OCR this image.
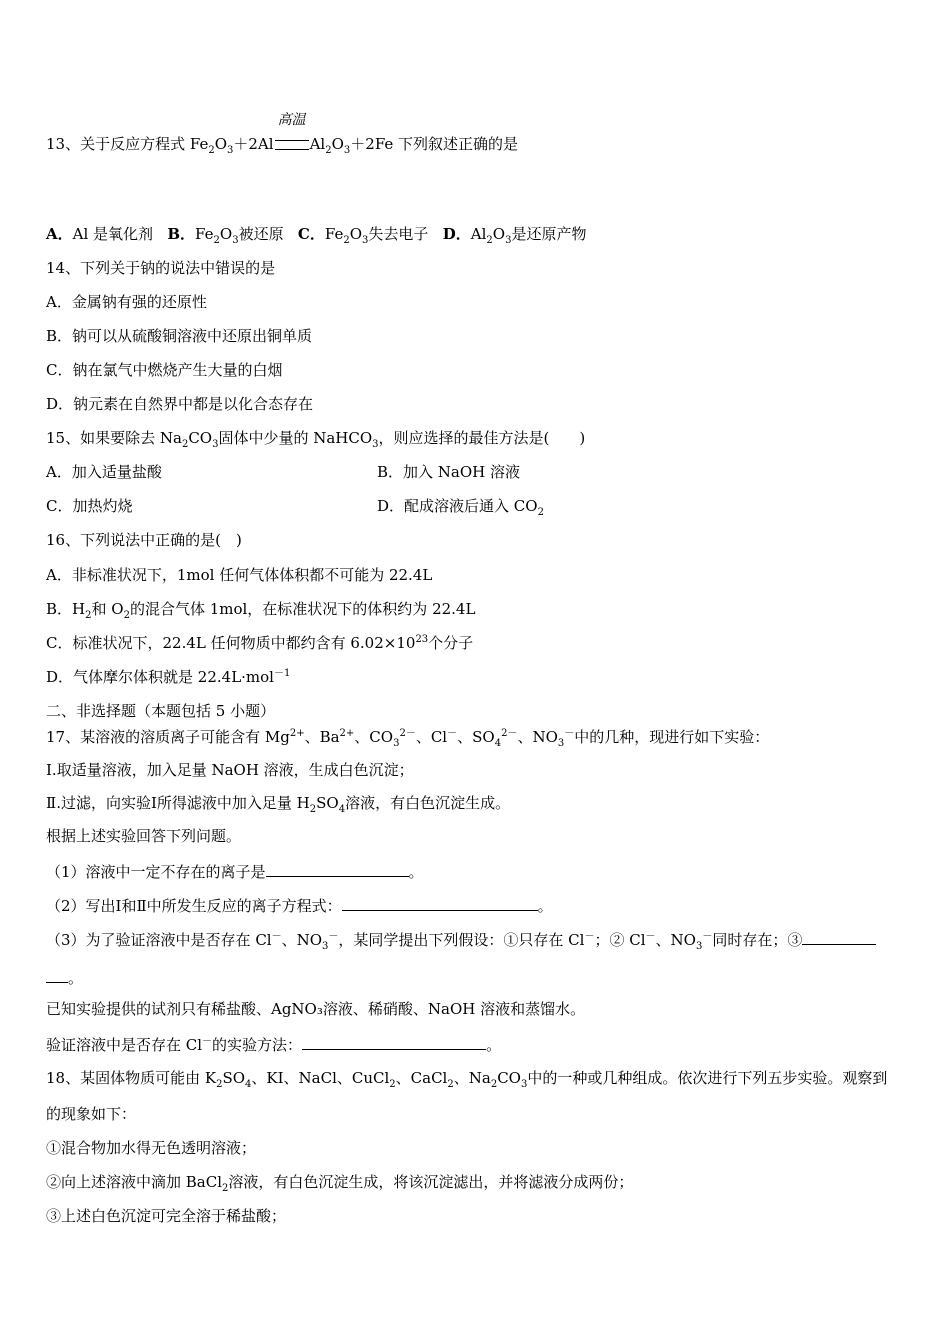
13、关于反应方程式 $Fe_2O_3+2Al$
高温
$Al_2O_3+2Fe$ 下列叙述正确的是
A．Al 是氧化剂 B．$Fe_2O_3$被还原 C．$Fe_2O_3$失去电子 D．$Al_2O_3$是还原产物
14、下列关于钠的说法中错误的是
A．金属钠有强的还原性
B．钠可以从硫酸铜溶液中还原出铜单质
C．钠在氯气中燃烧产生大量的白烟
D．钠元素在自然界中都是以化合态存在
15、如果要除去 $Na_2CO_3$固体中少量的 NaHCO$_3$，则应选择的最佳方法是(　　)
A．加入适量盐酸	B．加入 NaOH 溶液
C．加热灼烧	D．配成溶液后通入 $CO_2$
16、下列说法中正确的是(　)
A．非标准状况下，1mol 任何气体体积都不可能为 22.4L
B．$H_2$和 $O_2$的混合气体 1mol，在标准状况下的体积约为 22.4L
C．标准状况下，22.4L 任何物质中都约含有 $6.02\times 10^{23}$个分子
D．气体摩尔体积就是 22.4L·mol$^{-1}$
二、非选择题（本题包括 5 小题）
17、某溶液的溶质离子可能含有 $Mg^{2+}$、$Ba^{2+}$、$CO_3^{2-}$、Cl－、$SO_4^{2-}$、$NO_3^-$中的几种，现进行如下实验：
Ⅰ.取适量溶液，加入足量 NaOH 溶液，生成白色沉淀；
Ⅱ.过滤，向实验Ⅰ所得滤液中加入足量 $H_2SO_4$溶液，有白色沉淀生成。
根据上述实验回答下列问题。
（1）溶液中一定不存在的离子是	。
（2）写出Ⅰ和Ⅱ中所发生反应的离子方程式：	。
（3）为了验证溶液中是否存在 Cl－、$NO_3^-$，某同学提出下列假设：①只存在 Cl－；② Cl－、$NO_3^-$同时存在；③
。
已知实验提供的试剂只有稀盐酸、AgNO₃溶液、稀硝酸、NaOH 溶液和蒸馏水。
验证溶液中是否存在 Cl－的实验方法：	。
18、某固体物质可能由 $K_2SO_4$、KI、NaCl、CuCl$_2$、CaCl$_2$、$Na_2CO_3$中的一种或几种组成。依次进行下列五步实验。观察到
的现象如下：
①混合物加水得无色透明溶液；
②向上述溶液中滴加 BaCl$_2$溶液，有白色沉淀生成，将该沉淀滤出，并将滤液分成两份；
③上述白色沉淀可完全溶于稀盐酸；
